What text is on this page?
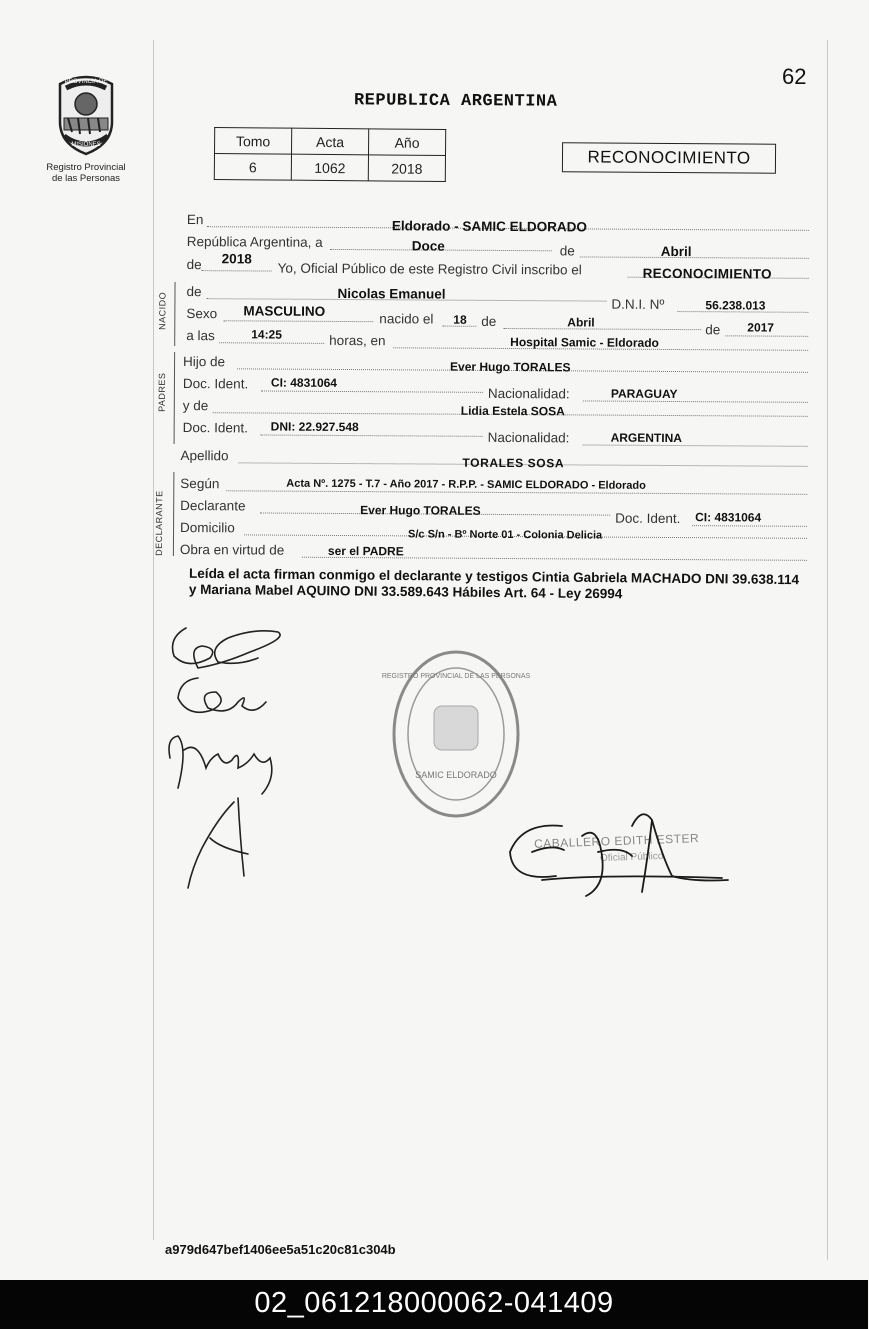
PROVINCIA DE
MISIONES
Registro Provincial
de las Personas
62
REPUBLICA ARGENTINA
Tomo	Acta	Año
6	1062	2018
RECONOCIMIENTO
En	Eldorado - SAMIC ELDORADO
República Argentina, a	Doce	de	Abril
de 2018
Yo, Oficial Público de este Registro Civil inscribo el	RECONOCIMIENTO
NACIDO
de	Nicolas Emanuel
D.N.I. Nº	56.238.013
Sexo MASCULINO	nacido el 18 de	Abril	de 2017
a las	14:25	horas, en	Hospital Samic - Eldorado
PADRES
Hijo de	Ever Hugo TORALES
Doc. Ident. CI: 4831064
Nacionalidad:	PARAGUAY
y de	Lidia Estela SOSA
Doc. Ident. DNI: 22.927.548
Nacionalidad:	ARGENTINA
Apellido	TORALES SOSA
DECLARANTE
Según	Acta Nº. 1275 - T.7 - Año 2017 - R.P.P. - SAMIC ELDORADO - Eldorado
Declarante	Ever Hugo TORALES
Doc. Ident. CI: 4831064
Domicilio	S/c S/n - Bº Norte 01 - Colonia Delicia
Obra en virtud de	ser el PADRE
Leída el acta firman conmigo el declarante y testigos Cintia Gabriela MACHADO DNI 39.638.114 y Mariana Mabel AQUINO DNI 33.589.643 Hábiles Art. 64 - Ley 26994
SAMIC ELDORADO
REGISTRO PROVINCIAL DE LAS PERSONAS
CABALLERO EDITH ESTER
Oficial Público
a979d647bef1406ee5a51c20c81c304b
02_061218000062-041409
